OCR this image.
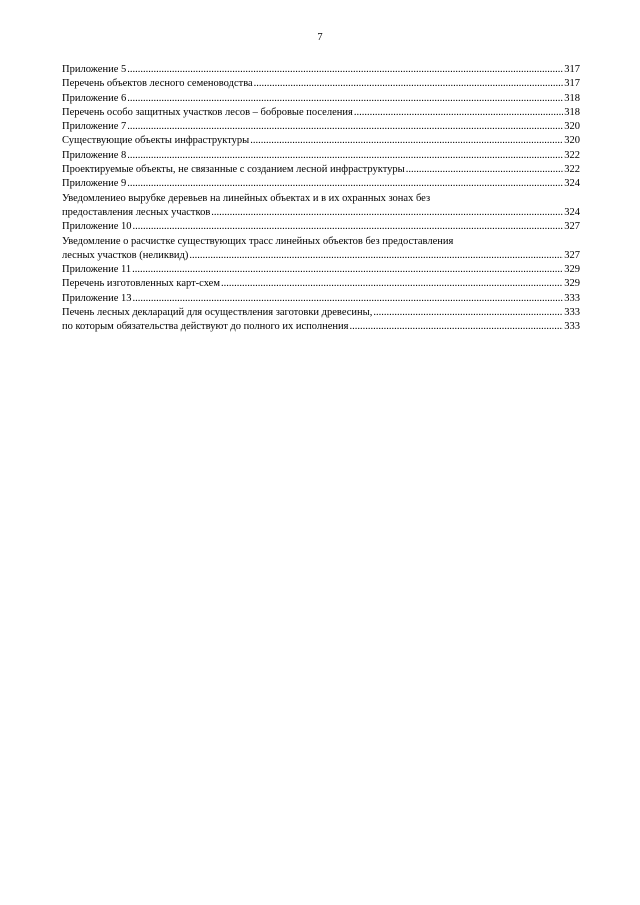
7
Приложение 5 .....	317
Перечень объектов лесного семеноводства .....	317
Приложение 6 .....	318
Перечень особо защитных участков лесов – бобровые поселения .....	318
Приложение 7 .....	320
Существующие объекты инфраструктуры .....	320
Приложение 8 .....	322
Проектируемые объекты, не связанные с созданием лесной инфраструктуры .....	322
Приложение 9 .....	324
Уведомлениео вырубке деревьев на линейных объектах и в их охранных зонах без
предоставления лесных участков .....	324
Приложение 10 .....	327
Уведомление о расчистке существующих трасс линейных объектов без предоставления
лесных участков (неликвид) .....	327
Приложение 11 .....	329
Перечень изготовленных карт-схем .....	329
Приложение 13 .....	333
Печень лесных деклараций для осуществления заготовки древесины, .....	333
по которым обязательства действуют до полного их исполнения .....	333
